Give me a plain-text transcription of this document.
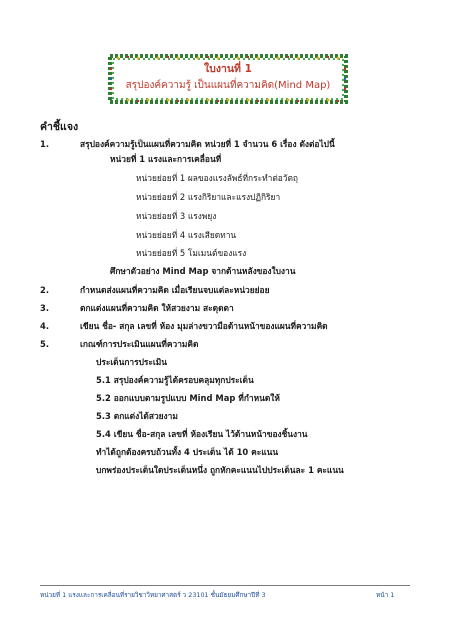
ใบงานที่ 1
สรุปองค์ความรู้ เป็นแผนที่ความคิด(Mind Map)
คำชี้แจง
1.	สรุปองค์ความรู้เป็นแผนที่ความคิด หน่วยที่ 1 จำนวน 6 เรื่อง ดังต่อไปนี้
หน่วยที่ 1 แรงและการเคลื่อนที่
หน่วยย่อยที่ 1 ผลของแรงลัพธ์ที่กระทำต่อวัตถุ
หน่วยย่อยที่ 2 แรงกิริยาและแรงปฏิกิริยา
หน่วยย่อยที่ 3 แรงพยุง
หน่วยย่อยที่ 4 แรงเสียดทาน
หน่วยย่อยที่ 5 โมเมนต์ของแรง
ศึกษาตัวอย่าง Mind Map จากด้านหลังของใบงาน
2.	กำหนดส่งแผนที่ความคิด เมื่อเรียนจบแต่ละหน่วยย่อย
3.	ตกแต่งแผนที่ความคิด ให้สวยงาม สะดุดตา
4.	เขียน ชื่อ- สกุล เลขที่ ห้อง มุมล่างขวามือด้านหน้าของแผนที่ความคิด
5.	เกณฑ์การประเมินแผนที่ความคิด
ประเด็นการประเมิน
5.1 สรุปองค์ความรู้ได้ครอบคลุมทุกประเด็น
5.2 ออกแบบตามรูปแบบ Mind Map ที่กำหนดให้
5.3 ตกแต่งได้สวยงาม
5.4 เขียน ชื่อ-สกุล เลขที่ ห้องเรียน ไว้ด้านหน้าของชิ้นงาน
ทำได้ถูกต้องครบถ้วนทั้ง 4 ประเด็น ได้ 10 คะแนน
บกพร่องประเด็นใดประเด็นหนึ่ง ถูกหักคะแนนไปประเด็นละ 1 คะแนน
หน่วยที่ 1 แรงและการเคลื่อนที่รายวิชาวิทยาศาสตร์ ว 23101 ชั้นมัธยมศึกษาปีที่ 3	หน้า 1
